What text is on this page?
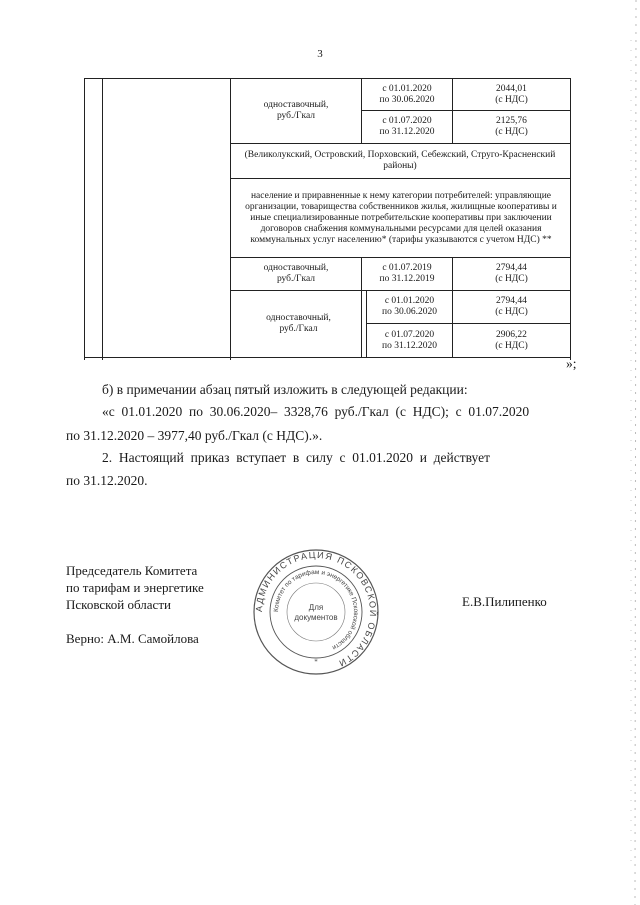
3
одноставочный,
руб./Гкал
с 01.01.2020
по 30.06.2020
2044,01
(с НДС)
с 01.07.2020
по 31.12.2020
2125,76
(с НДС)
(Великолукский, Островский, Порховский, Себежский, Струго-Красненский районы)
население и приравненные к нему категории потребителей: управляющие организации, товарищества собственников жилья, жилищные кооперативы и иные специализированные потребительские кооперативы при заключении договоров снабжения коммунальными ресурсами для целей оказания коммунальных услуг населению* (тарифы указываются с учетом НДС) **
одноставочный,
руб./Гкал
с 01.07.2019
по 31.12.2019
2794,44
(с НДС)
одноставочный,
руб./Гкал
с 01.01.2020
по 30.06.2020
2794,44
(с НДС)
с 01.07.2020
по 31.12.2020
2906,22
(с НДС)
»;
б) в примечании абзац пятый изложить в следующей редакции:
«с  01.01.2020  по  30.06.2020–  3328,76  руб./Гкал  (с  НДС);  с  01.07.2020
по 31.12.2020 – 3977,40 руб./Гкал (с НДС).».
2.  Настоящий  приказ  вступает  в  силу  с  01.01.2020  и  действует
по 31.12.2020.
Председатель Комитета
по тарифам и энергетике
Псковской области	Е.В.Пилипенко
Верно: А.М. Самойлова
АДМИНИСТРАЦИЯ ПСКОВСКОЙ ОБЛАСТИ
Комитет по тарифам и энергетике Псковской области
Для
документов
*
